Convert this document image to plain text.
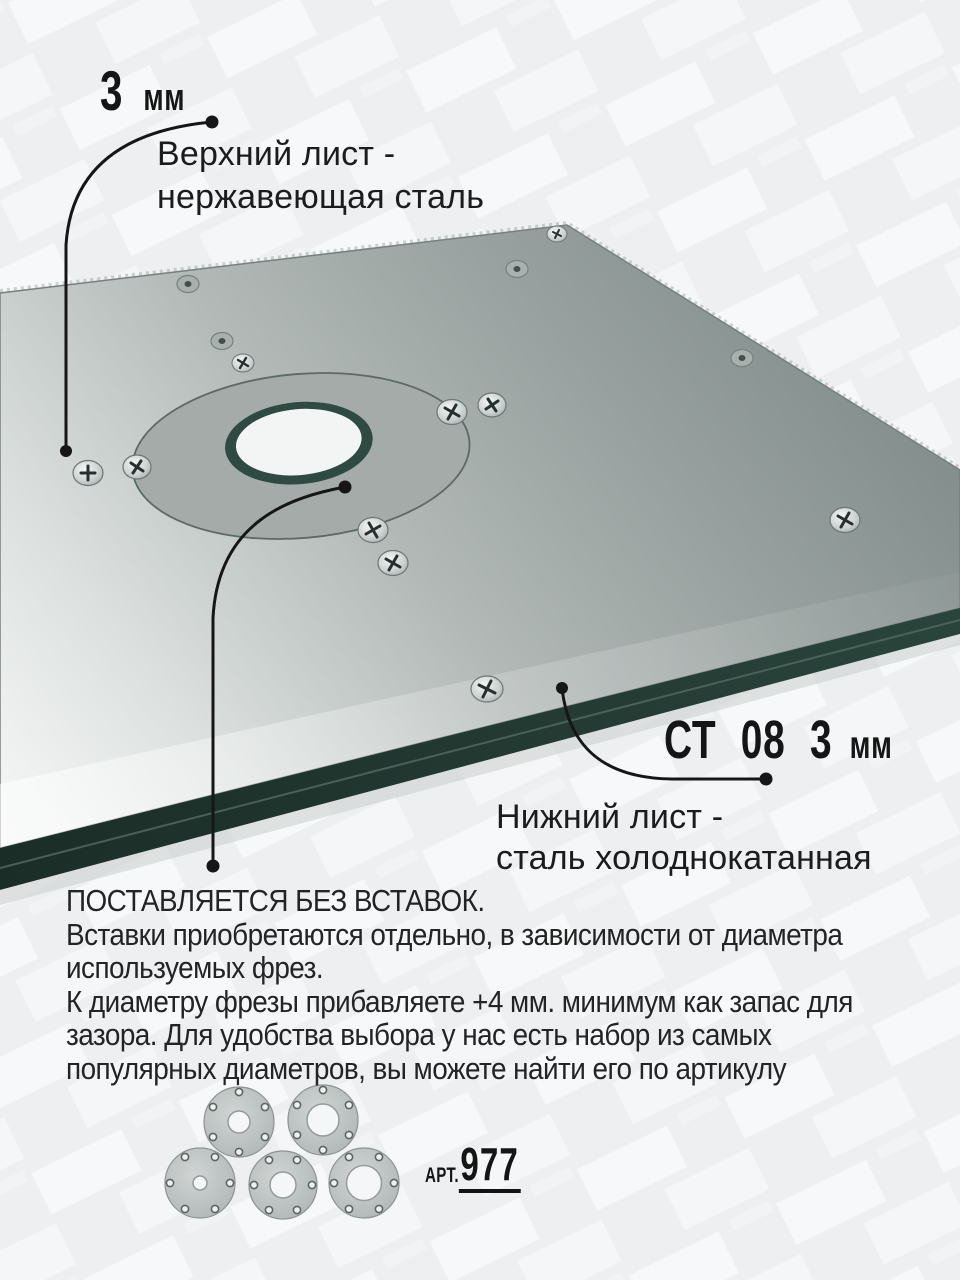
3 мм
Верхний лист -
нержавеющая сталь
СТ 08 3 мм
Нижний лист -
сталь холоднокатанная
ПОСТАВЛЯЕТСЯ БЕЗ ВСТАВОК.
Вставки приобретаются отдельно, в зависимости от диаметра
используемых фрез.
К диаметру фрезы прибавляете +4 мм. минимум как запас для
зазора. Для удобства выбора у нас есть набор из самых
популярных диаметров, вы можете найти его по артикулу
АРТ. 977
